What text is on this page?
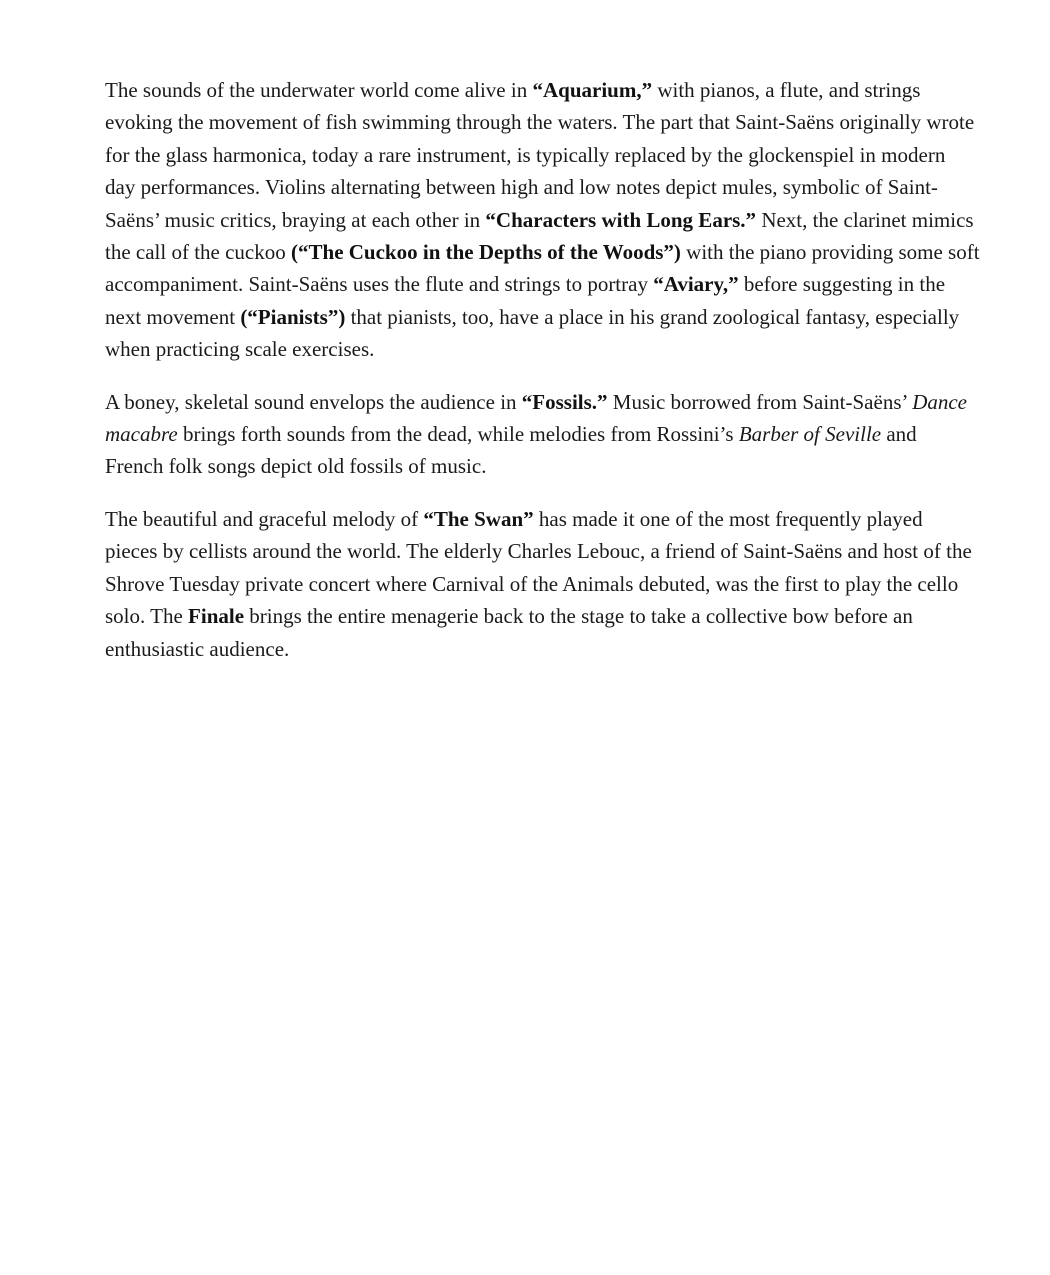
The sounds of the underwater world come alive in “Aquarium,” with pianos, a flute, and strings evoking the movement of fish swimming through the waters. The part that Saint-Saëns originally wrote for the glass harmonica, today a rare instrument, is typically replaced by the glockenspiel in modern day performances. Violins alternating between high and low notes depict mules, symbolic of Saint-Saëns’ music critics, braying at each other in “Characters with Long Ears.” Next, the clarinet mimics the call of the cuckoo (“The Cuckoo in the Depths of the Woods”) with the piano providing some soft accompaniment. Saint-Saëns uses the flute and strings to portray “Aviary,” before suggesting in the next movement (“Pianists”) that pianists, too, have a place in his grand zoological fantasy, especially when practicing scale exercises.

A boney, skeletal sound envelops the audience in “Fossils.” Music borrowed from Saint-Saëns’ Dance macabre brings forth sounds from the dead, while melodies from Rossini’s Barber of Seville and French folk songs depict old fossils of music.

The beautiful and graceful melody of “The Swan” has made it one of the most frequently played pieces by cellists around the world. The elderly Charles Lebouc, a friend of Saint-Saëns and host of the Shrove Tuesday private concert where Carnival of the Animals debuted, was the first to play the cello solo. The Finale brings the entire menagerie back to the stage to take a collective bow before an enthusiastic audience.
